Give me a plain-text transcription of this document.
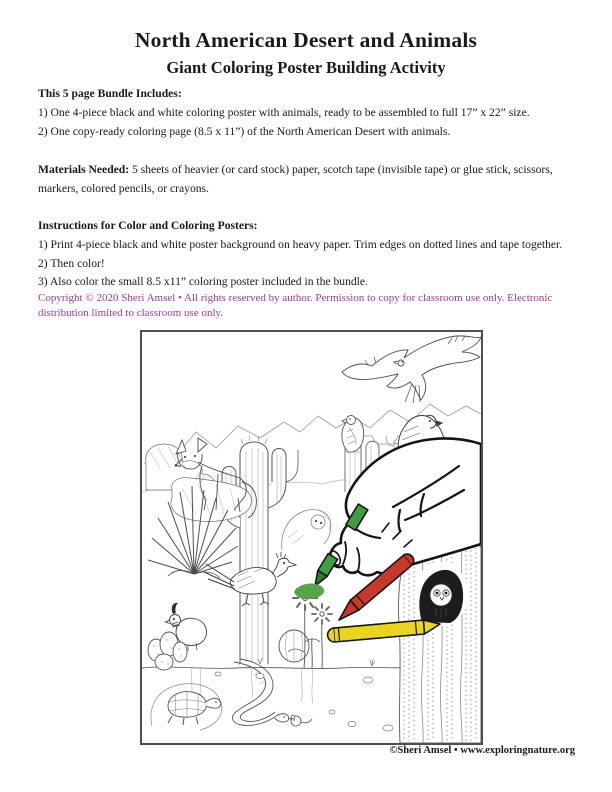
North American Desert and Animals
Giant Coloring Poster Building Activity
This 5 page Bundle Includes:
1) One 4-piece black and white coloring poster with animals, ready to be assembled to full 17” x 22” size.
2) One copy-ready coloring page (8.5 x 11”) of the North American Desert with animals.
Materials Needed: 5 sheets of heavier (or card stock) paper, scotch tape (invisible tape) or glue stick, scissors,
markers, colored pencils, or crayons.
Instructions for Color and Coloring Posters:
1) Print 4-piece black and white poster background on heavy paper. Trim edges on dotted lines and tape together.
2) Then color!
3) Also color the small 8.5 x11” coloring poster included in the bundle.
Copyright © 2020 Sheri Amsel • All rights reserved by author. Permission to copy for classroom use only. Electronic
distribution limited to classroom use only.
©Sheri Amsel • www.exploringnature.org
